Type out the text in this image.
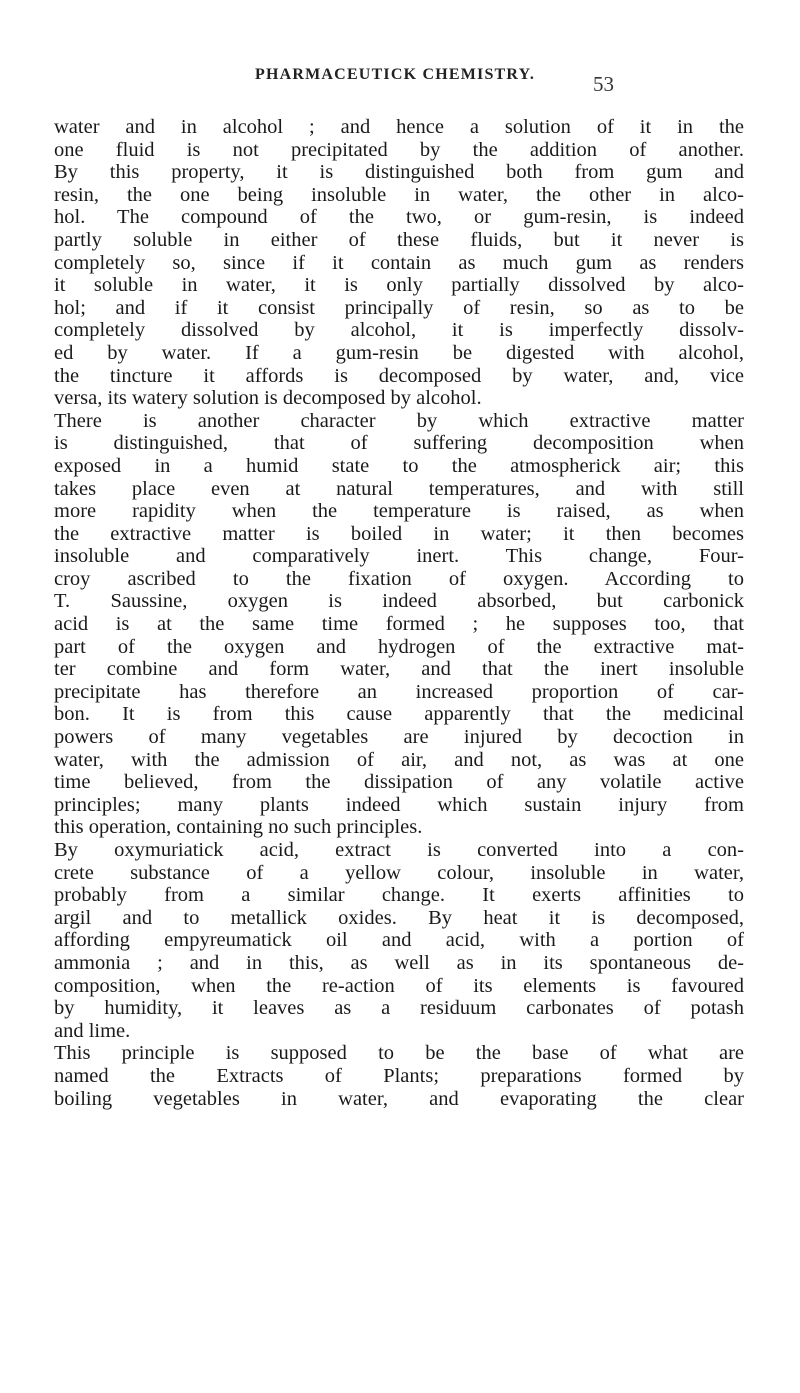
PHARMACEUTICK CHEMISTRY.	53
water and in alcohol ; and hence a solution of it in the
one fluid is not precipitated by the addition of another.
By this property, it is distinguished both from gum and
resin, the one being insoluble in water, the other in alco-
hol. The compound of the two, or gum-resin, is indeed
partly soluble in either of these fluids, but it never is
completely so, since if it contain as much gum as renders
it soluble in water, it is only partially dissolved by alco-
hol; and if it consist principally of resin, so as to be
completely dissolved by alcohol, it is imperfectly dissolv-
ed by water. If a gum-resin be digested with alcohol,
the tincture it affords is decomposed by water, and, vice
versa, its watery solution is decomposed by alcohol.
There is another character by which extractive matter
is distinguished, that of suffering decomposition when
exposed in a humid state to the atmospherick air; this
takes place even at natural temperatures, and with still
more rapidity when the temperature is raised, as when
the extractive matter is boiled in water; it then becomes
insoluble and comparatively inert. This change, Four-
croy ascribed to the fixation of oxygen. According to
T. Saussine, oxygen is indeed absorbed, but carbonick
acid is at the same time formed ; he supposes too, that
part of the oxygen and hydrogen of the extractive mat-
ter combine and form water, and that the inert insoluble
precipitate has therefore an increased proportion of car-
bon. It is from this cause apparently that the medicinal
powers of many vegetables are injured by decoction in
water, with the admission of air, and not, as was at one
time believed, from the dissipation of any volatile active
principles; many plants indeed which sustain injury from
this operation, containing no such principles.
By oxymuriatick acid, extract is converted into a con-
crete substance of a yellow colour, insoluble in water,
probably from a similar change. It exerts affinities to
argil and to metallick oxides. By heat it is decomposed,
affording empyreumatick oil and acid, with a portion of
ammonia ; and in this, as well as in its spontaneous de-
composition, when the re-action of its elements is favoured
by humidity, it leaves as a residuum carbonates of potash
and lime.
This principle is supposed to be the base of what are
named the Extracts of Plants; preparations formed by
boiling vegetables in water, and evaporating the clear
